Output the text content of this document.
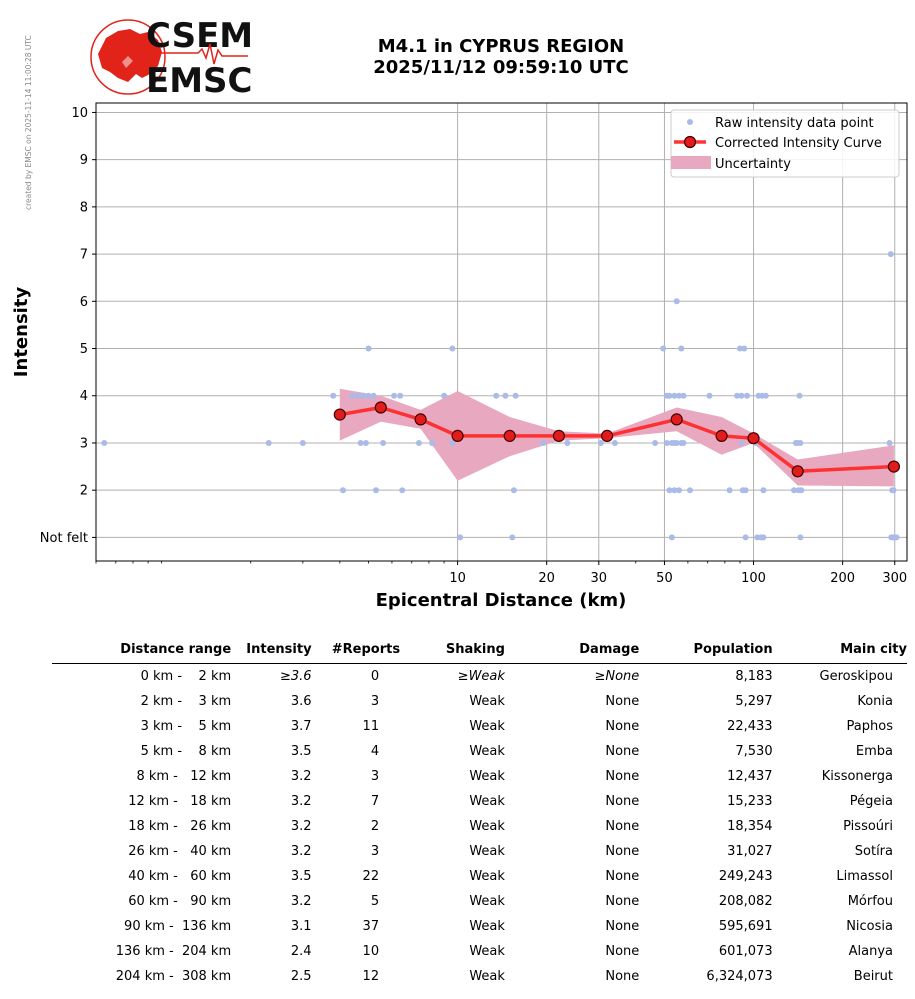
created by EMSC on 2025-11-14 11:00:28 UTC	CSEM
EMSC
M4.1 in CYPRUS REGION
2025/11/12 09:59:10 UTC
Not felt
2
3
4
5
6
7
8
9
10
10	20	30	50	100	200 300
Epicentral Distance (km)
Intensity
Raw intensity data point
Corrected Intensity Curve
Uncertainty
Distance range	Intensity	#Reports	Shaking	Damage	Population	Main city
0 km -    2 km	≥3.6	0	≥Weak	≥None	8,183	Geroskipou
2 km -    3 km	3.6	3	Weak	None	5,297	Konia
3 km -    5 km	3.7	11	Weak	None	22,433	Paphos
5 km -    8 km	3.5	4	Weak	None	7,530	Emba
8 km -   12 km	3.2	3	Weak	None	12,437	Kissonerga
12 km -   18 km	3.2	7	Weak	None	15,233	Pégeia
18 km -   26 km	3.2	2	Weak	None	18,354	Pissoúri
26 km -   40 km	3.2	3	Weak	None	31,027	Sotíra
40 km -   60 km	3.5	22	Weak	None	249,243	Limassol
60 km -   90 km	3.2	5	Weak	None	208,082	Mórfou
90 km -  136 km	3.1	37	Weak	None	595,691	Nicosia
136 km -  204 km	2.4	10	Weak	None	601,073	Alanya
204 km -  308 km	2.5	12	Weak	None	6,324,073	Beirut
